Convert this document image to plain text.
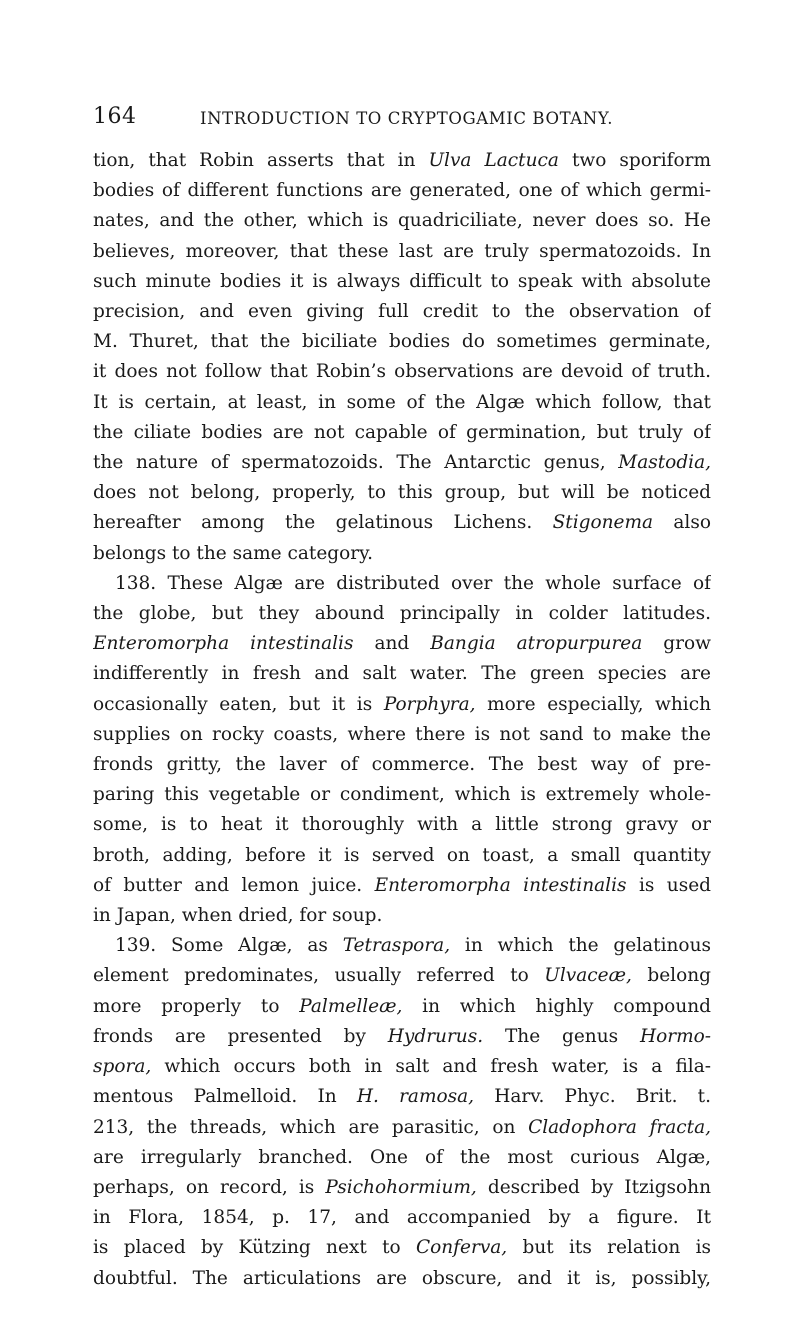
164	INTRODUCTION TO CRYPTOGAMIC BOTANY.
tion, that Robin asserts that in Ulva Lactuca two sporiform
bodies of different functions are generated, one of which germi-
nates, and the other, which is quadriciliate, never does so. He
believes, moreover, that these last are truly spermatozoids. In
such minute bodies it is always difficult to speak with absolute
precision, and even giving full credit to the observation of
M. Thuret, that the biciliate bodies do sometimes germinate,
it does not follow that Robin’s observations are devoid of truth.
It is certain, at least, in some of the Algæ which follow, that
the ciliate bodies are not capable of germination, but truly of
the nature of spermatozoids. The Antarctic genus, Mastodia,
does not belong, properly, to this group, but will be noticed
hereafter among the gelatinous Lichens. Stigonema also
belongs to the same category.
138. These Algæ are distributed over the whole surface of
the globe, but they abound principally in colder latitudes.
Enteromorpha intestinalis and Bangia atropurpurea grow
indifferently in fresh and salt water. The green species are
occasionally eaten, but it is Porphyra, more especially, which
supplies on rocky coasts, where there is not sand to make the
fronds gritty, the laver of commerce. The best way of pre-
paring this vegetable or condiment, which is extremely whole-
some, is to heat it thoroughly with a little strong gravy or
broth, adding, before it is served on toast, a small quantity
of butter and lemon juice. Enteromorpha intestinalis is used
in Japan, when dried, for soup.
139. Some Algæ, as Tetraspora, in which the gelatinous
element predominates, usually referred to Ulvaceæ, belong
more properly to Palmelleæ, in which highly compound
fronds are presented by Hydrurus. The genus Hormo-
spora, which occurs both in salt and fresh water, is a fila-
mentous Palmelloid. In H. ramosa, Harv. Phyc. Brit. t.
213, the threads, which are parasitic, on Cladophora fracta,
are irregularly branched. One of the most curious Algæ,
perhaps, on record, is Psichohormium, described by Itzigsohn
in Flora, 1854, p. 17, and accompanied by a figure. It
is placed by Kützing next to Conferva, but its relation is
doubtful. The articulations are obscure, and it is, possibly,
